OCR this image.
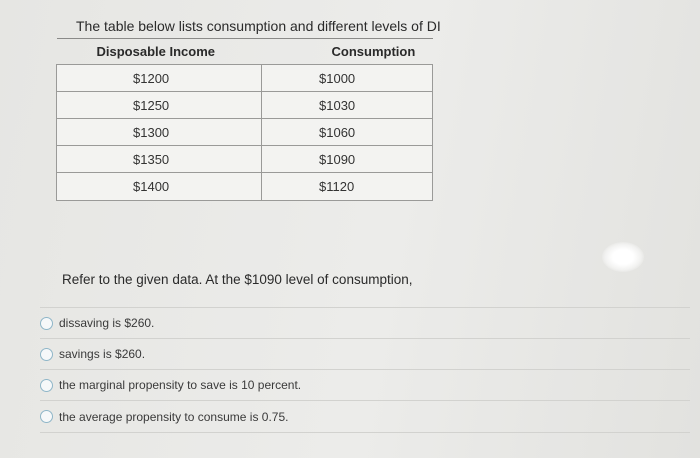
The table below lists consumption and different levels of DI
Disposable Income	Consumption
$1200	$1000
$1250	$1030
$1300	$1060
$1350	$1090
$1400	$1120
Refer to the given data. At the $1090 level of consumption,
dissaving is $260.
savings is $260.
the marginal propensity to save is 10 percent.
the average propensity to consume is 0.75.
